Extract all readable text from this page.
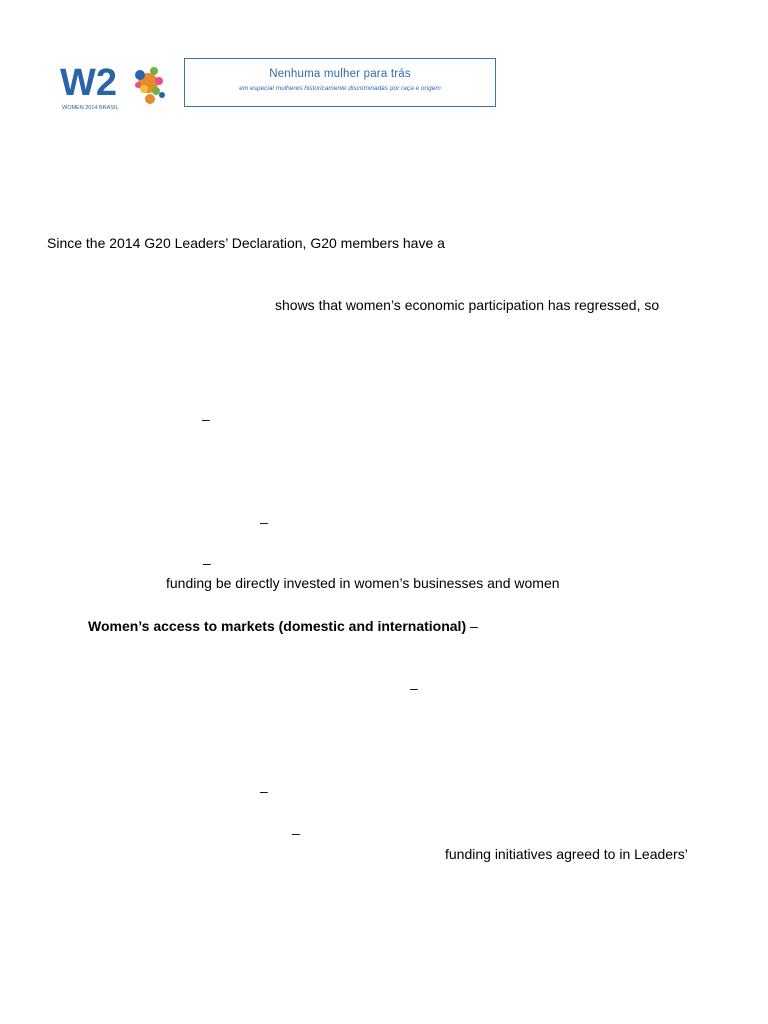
W2
WOMEN 2014 BRASIL
Nenhuma mulher para trás
em especial mulheres historicamente discriminadas por raça e origem
Since the 2014 G20 Leaders’ Declaration, G20 members have a
shows that women’s economic participation has regressed, so
–
–
–
funding be directly invested in women’s businesses and women
Women’s access to markets (domestic and international) –
–
–
–
funding initiatives agreed to in Leaders’
